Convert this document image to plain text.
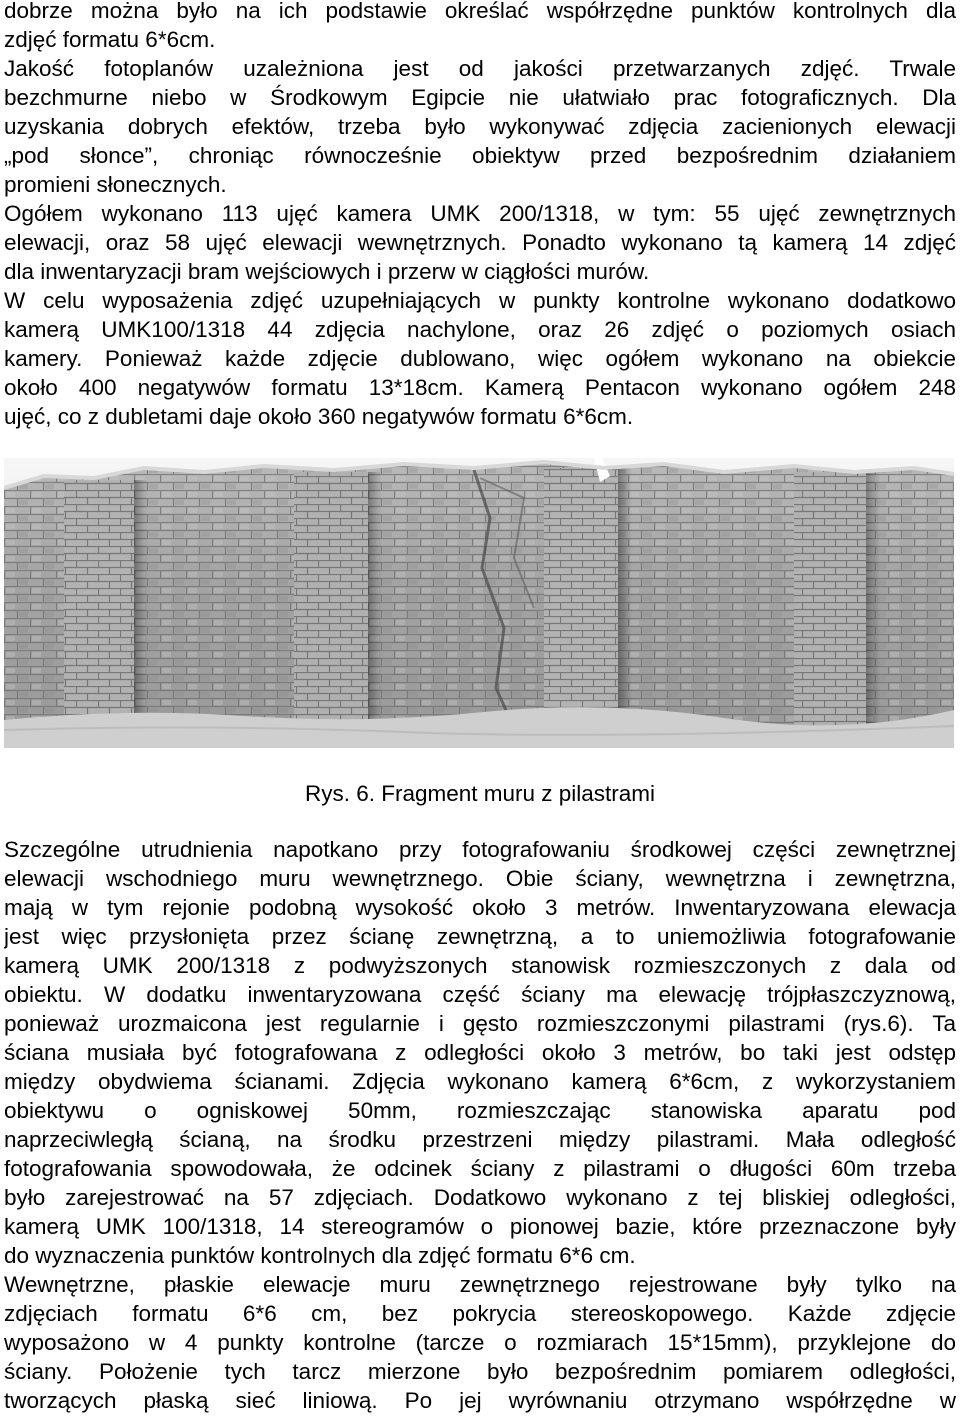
dobrze można było na ich podstawie określać współrzędne punktów kontrolnych dla
zdjęć formatu 6*6cm.
Jakość fotoplanów uzależniona jest od jakości przetwarzanych zdjęć. Trwale
bezchmurne niebo w Środkowym Egipcie nie ułatwiało prac fotograficznych. Dla
uzyskania dobrych efektów, trzeba było wykonywać zdjęcia zacienionych elewacji
„pod słonce”, chroniąc równocześnie obiektyw przed bezpośrednim działaniem
promieni słonecznych.
Ogółem wykonano 113 ujęć kamera UMK 200/1318, w tym: 55 ujęć zewnętrznych
elewacji, oraz 58 ujęć elewacji wewnętrznych. Ponadto wykonano tą kamerą 14 zdjęć
dla inwentaryzacji bram wejściowych i przerw w ciągłości murów.
W celu wyposażenia zdjęć uzupełniających w punkty kontrolne wykonano dodatkowo
kamerą UMK100/1318 44 zdjęcia nachylone, oraz 26 zdjęć o poziomych osiach
kamery. Ponieważ każde zdjęcie dublowano, więc ogółem wykonano na obiekcie
około 400 negatywów formatu 13*18cm. Kamerą Pentacon wykonano ogółem 248
ujęć, co z dubletami daje około 360 negatywów formatu 6*6cm.
Rys. 6. Fragment muru z pilastrami
Szczególne utrudnienia napotkano przy fotografowaniu środkowej części zewnętrznej
elewacji wschodniego muru wewnętrznego. Obie ściany, wewnętrzna i zewnętrzna,
mają w tym rejonie podobną wysokość około 3 metrów. Inwentaryzowana elewacja
jest więc przysłonięta przez ścianę zewnętrzną, a to uniemożliwia fotografowanie
kamerą UMK 200/1318 z podwyższonych stanowisk rozmieszczonych z dala od
obiektu. W dodatku inwentaryzowana część ściany ma elewację trójpłaszczyznową,
ponieważ urozmaicona jest regularnie i gęsto rozmieszczonymi pilastrami (rys.6). Ta
ściana musiała być fotografowana z odległości około 3 metrów, bo taki jest odstęp
między obydwiema ścianami. Zdjęcia wykonano kamerą 6*6cm, z wykorzystaniem
obiektywu o ogniskowej 50mm, rozmieszczając stanowiska aparatu pod
naprzeciwległą ścianą, na środku przestrzeni między pilastrami. Mała odległość
fotografowania spowodowała, że odcinek ściany z pilastrami o długości 60m trzeba
było zarejestrować na 57 zdjęciach. Dodatkowo wykonano z tej bliskiej odległości,
kamerą UMK 100/1318, 14 stereogramów o pionowej bazie, które przeznaczone były
do wyznaczenia punktów kontrolnych dla zdjęć formatu 6*6 cm.
Wewnętrzne, płaskie elewacje muru zewnętrznego rejestrowane były tylko na
zdjęciach formatu 6*6 cm, bez pokrycia stereoskopowego. Każde zdjęcie
wyposażono w 4 punkty kontrolne (tarcze o rozmiarach 15*15mm), przyklejone do
ściany. Położenie tych tarcz mierzone było bezpośrednim pomiarem odległości,
tworzących płaską sieć liniową. Po jej wyrównaniu otrzymano współrzędne w
